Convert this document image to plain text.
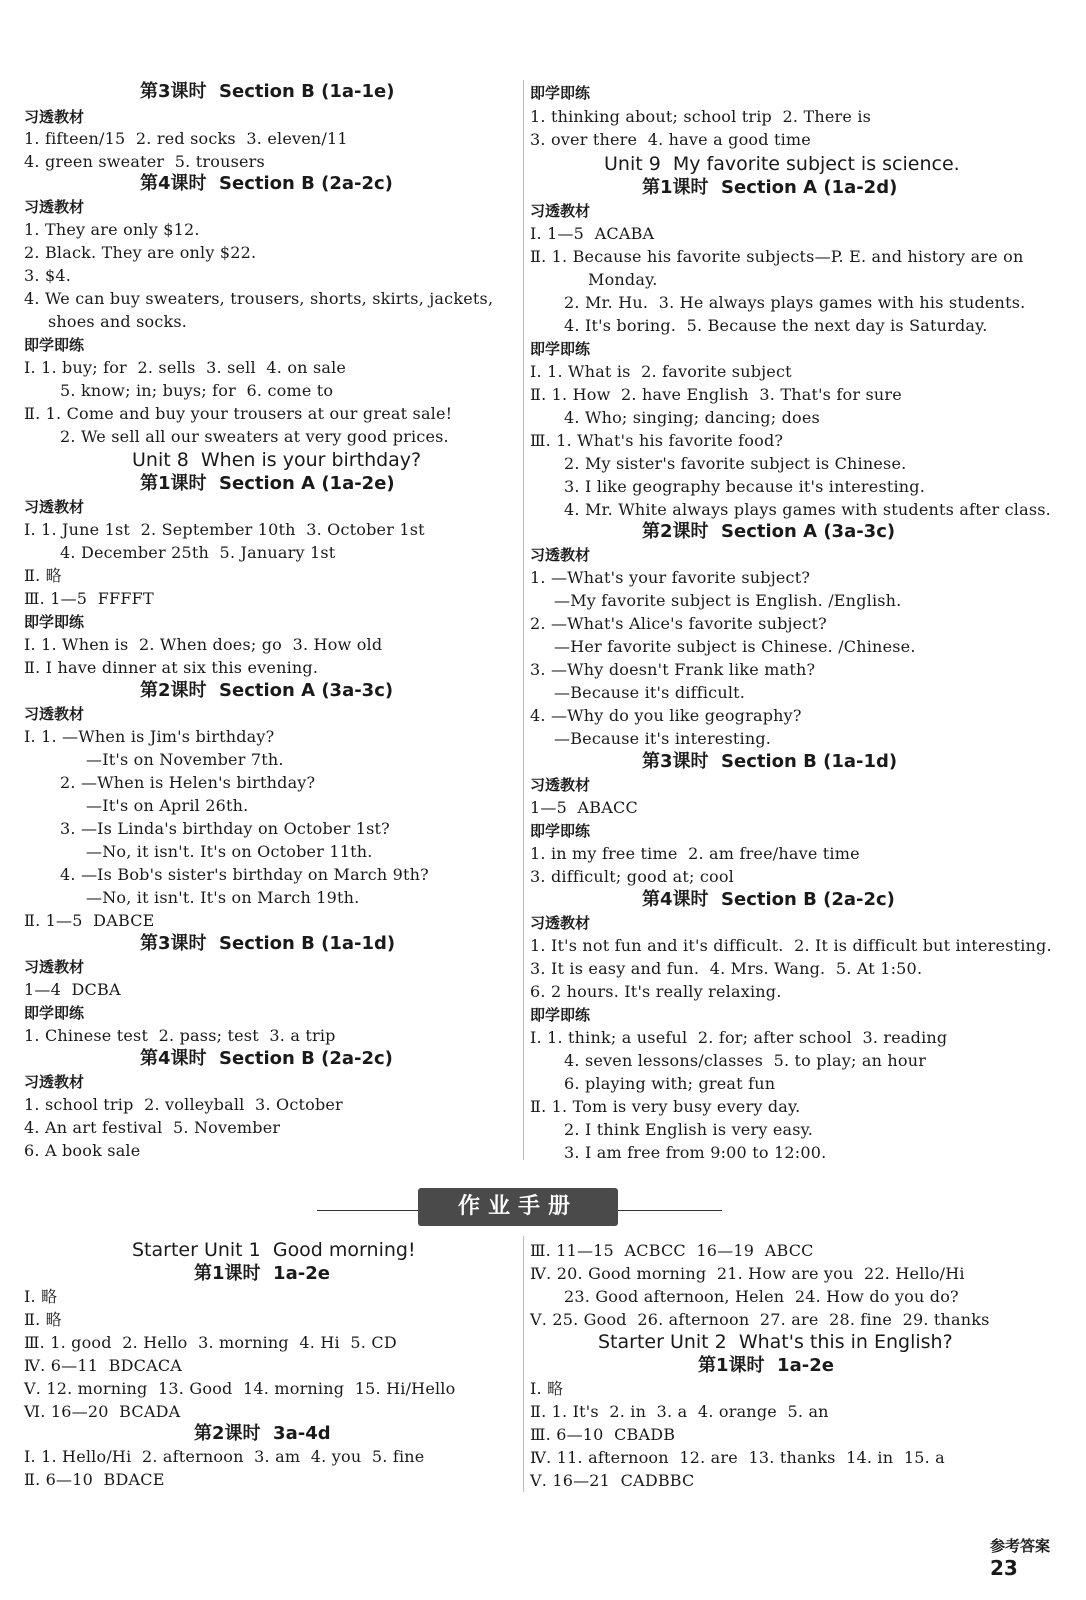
第3课时  Section B (1a-1e)
习透教材
1. fifteen/15  2. red socks  3. eleven/11
4. green sweater  5. trousers
第4课时  Section B (2a-2c)
习透教材
1. They are only $12.
2. Black. They are only $22.
3. $4.
4. We can buy sweaters, trousers, shorts, skirts, jackets,
shoes and socks.
即学即练
Ⅰ. 1. buy; for  2. sells  3. sell  4. on sale
5. know; in; buys; for  6. come to
Ⅱ. 1. Come and buy your trousers at our great sale!
2. We sell all our sweaters at very good prices.
Unit 8  When is your birthday?
第1课时  Section A (1a-2e)
习透教材
Ⅰ. 1. June 1st  2. September 10th  3. October 1st
4. December 25th  5. January 1st
Ⅱ. 略
Ⅲ. 1—5  FFFFT
即学即练
Ⅰ. 1. When is  2. When does; go  3. How old
Ⅱ. I have dinner at six this evening.
第2课时  Section A (3a-3c)
习透教材
Ⅰ. 1. —When is Jim's birthday?
—It's on November 7th.
2. —When is Helen's birthday?
—It's on April 26th.
3. —Is Linda's birthday on October 1st?
—No, it isn't. It's on October 11th.
4. —Is Bob's sister's birthday on March 9th?
—No, it isn't. It's on March 19th.
Ⅱ. 1—5  DABCE
第3课时  Section B (1a-1d)
习透教材
1—4  DCBA
即学即练
1. Chinese test  2. pass; test  3. a trip
第4课时  Section B (2a-2c)
习透教材
1. school trip  2. volleyball  3. October
4. An art festival  5. November
6. A book sale
即学即练
1. thinking about; school trip  2. There is
3. over there  4. have a good time
Unit 9  My favorite subject is science.
第1课时  Section A (1a-2d)
习透教材
Ⅰ. 1—5  ACABA
Ⅱ. 1. Because his favorite subjects—P. E. and history are on
Monday.
2. Mr. Hu.  3. He always plays games with his students.
4. It's boring.  5. Because the next day is Saturday.
即学即练
Ⅰ. 1. What is  2. favorite subject
Ⅱ. 1. How  2. have English  3. That's for sure
4. Who; singing; dancing; does
Ⅲ. 1. What's his favorite food?
2. My sister's favorite subject is Chinese.
3. I like geography because it's interesting.
4. Mr. White always plays games with students after class.
第2课时  Section A (3a-3c)
习透教材
1. —What's your favorite subject?
—My favorite subject is English. /English.
2. —What's Alice's favorite subject?
—Her favorite subject is Chinese. /Chinese.
3. —Why doesn't Frank like math?
—Because it's difficult.
4. —Why do you like geography?
—Because it's interesting.
第3课时  Section B (1a-1d)
习透教材
1—5  ABACC
即学即练
1. in my free time  2. am free/have time
3. difficult; good at; cool
第4课时  Section B (2a-2c)
习透教材
1. It's not fun and it's difficult.  2. It is difficult but interesting.
3. It is easy and fun.  4. Mrs. Wang.  5. At 1:50.
6. 2 hours. It's really relaxing.
即学即练
Ⅰ. 1. think; a useful  2. for; after school  3. reading
4. seven lessons/classes  5. to play; an hour
6. playing with; great fun
Ⅱ. 1. Tom is very busy every day.
2. I think English is very easy.
3. I am free from 9:00 to 12:00.
作业手册
Starter Unit 1  Good morning!
第1课时  1a-2e
Ⅰ. 略
Ⅱ. 略
Ⅲ. 1. good  2. Hello  3. morning  4. Hi  5. CD
Ⅳ. 6—11  BDCACA
Ⅴ. 12. morning  13. Good  14. morning  15. Hi/Hello
Ⅵ. 16—20  BCADA
第2课时  3a-4d
Ⅰ. 1. Hello/Hi  2. afternoon  3. am  4. you  5. fine
Ⅱ. 6—10  BDACE
Ⅲ. 11—15  ACBCC  16—19  ABCC
Ⅳ. 20. Good morning  21. How are you  22. Hello/Hi
23. Good afternoon, Helen  24. How do you do?
Ⅴ. 25. Good  26. afternoon  27. are  28. fine  29. thanks
Starter Unit 2  What's this in English?
第1课时  1a-2e
Ⅰ. 略
Ⅱ. 1. It's  2. in  3. a  4. orange  5. an
Ⅲ. 6—10  CBADB
Ⅳ. 11. afternoon  12. are  13. thanks  14. in  15. a
Ⅴ. 16—21  CADBBC

参考答案
23
